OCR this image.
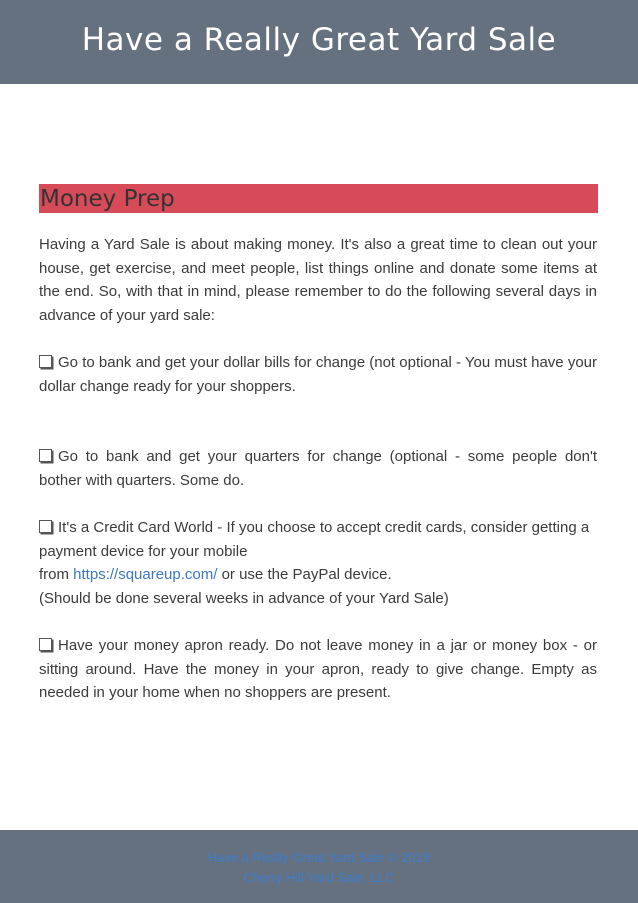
Have a Really Great Yard Sale
Money Prep

Having a Yard Sale is about making money. It's also a great time to clean out your house, get exercise, and meet people, list things online and donate some items at the end. So, with that in mind, please remember to do the following several days in advance of your yard sale:

Go to bank and get your dollar bills for change (not optional - You must have your dollar change ready for your shoppers.

Go to bank and get your quarters for change (optional - some people don't bother with quarters. Some do.

It's a Credit Card World - If you choose to accept credit cards, consider getting a payment device for your mobile
from https://squareup.com/ or use the PayPal device.
(Should be done several weeks in advance of your Yard Sale)

Have your money apron ready. Do not leave money in a jar or money box - or sitting around. Have the money in your apron, ready to give change. Empty as needed in your home when no shoppers are present.

Have a Really Great Yard Sale © 2018
Cherry Hill Yard Sale, LLC
